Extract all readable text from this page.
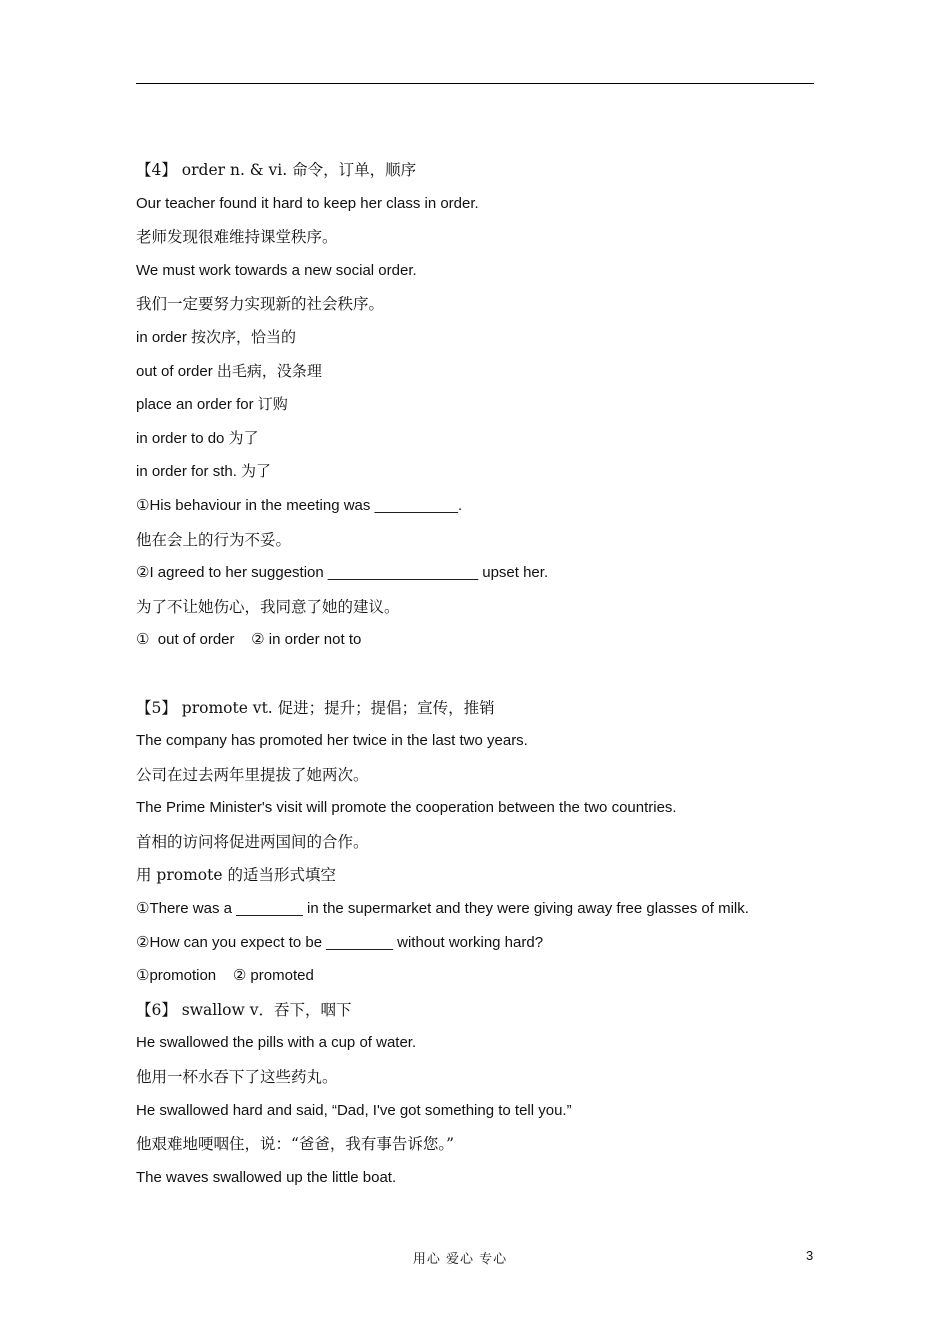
【4】 order n. & vi. 命令，订单，顺序
Our teacher found it hard to keep her class in order.
老师发现很难维持课堂秩序。
We must work towards a new social order.
我们一定要努力实现新的社会秩序。
in order 按次序，恰当的
out of order 出毛病，没条理
place an order for 订购
in order to do 为了
in order for sth. 为了
①His behaviour in the meeting was __________.
他在会上的行为不妥。
②I agreed to her suggestion __________________ upset her.
为了不让她伤心，我同意了她的建议。
①  out of order    ② in order not to
【5】 promote vt. 促进；提升；提倡；宣传，推销
The company has promoted her twice in the last two years.
公司在过去两年里提拔了她两次。
The Prime Minister's visit will promote the cooperation between the two countries.
首相的访问将促进两国间的合作。
用 promote 的适当形式填空
①There was a ________ in the supermarket and they were giving away free glasses of milk.
②How can you expect to be ________ without working hard?
①promotion    ② promoted
【6】 swallow v．吞下，咽下
He swallowed the pills with a cup of water.
他用一杯水吞下了这些药丸。
He swallowed hard and said, “Dad, I've got something to tell you.”
他艰难地哽咽住，说：“爸爸，我有事告诉您。”
The waves swallowed up the little boat.
用心 爱心 专心	3
